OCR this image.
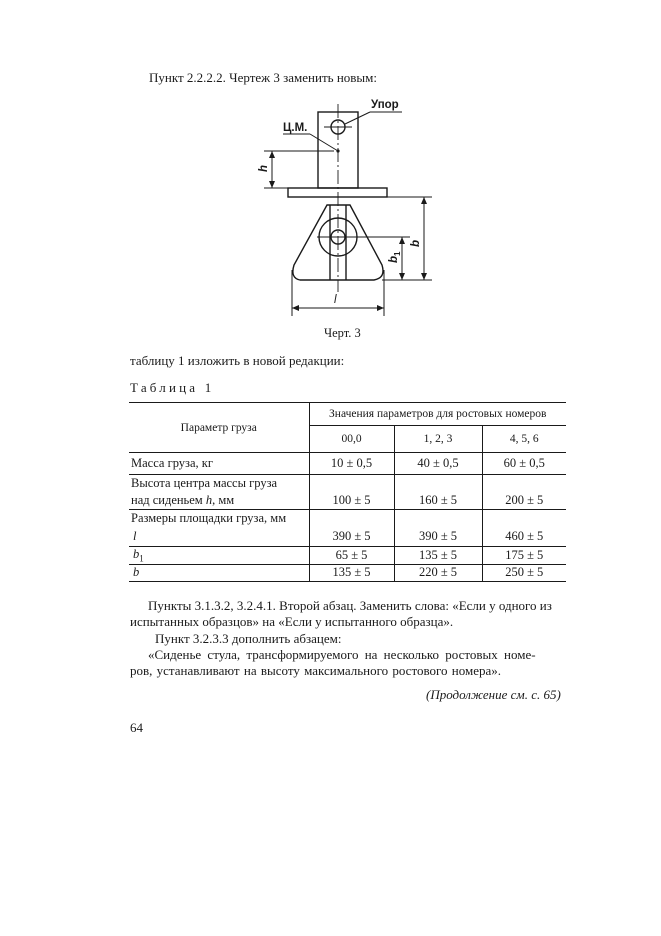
Пункт 2.2.2.2. Чертеж 3 заменить новым:
Упор
Ц.М.
h
b
b
1
l
Черт. 3
таблицу 1 изложить в новой редакции:
Таблица 1
Параметр груза	Значения параметров для ростовых номеров		
	00,0	1, 2, 3	4, 5, 6
Масса груза, кг	10 ± 0,5	40 ± 0,5	60 ± 0,5
Высота центра массы груза			
над сиденьем h, мм	100 ± 5	160 ± 5	200 ± 5
Размеры площадки груза, мм			
l	390 ± 5	390 ± 5	460 ± 5
$b_1$	65 ± 5	135 ± 5	175 ± 5
b	135 ± 5	220 ± 5	250 ± 5
Пункты 3.1.3.2, 3.2.4.1. Второй абзац. Заменить слова: «Если у одного из
испытанных образцов» на «Если у испытанного образца».
Пункт 3.2.3.3 дополнить абзацем:
«Сиденье стула, трансформируемого на несколько ростовых номе-
ров, устанавливают на высоту максимального ростового номера».
(Продолжение см. с. 65)
64
